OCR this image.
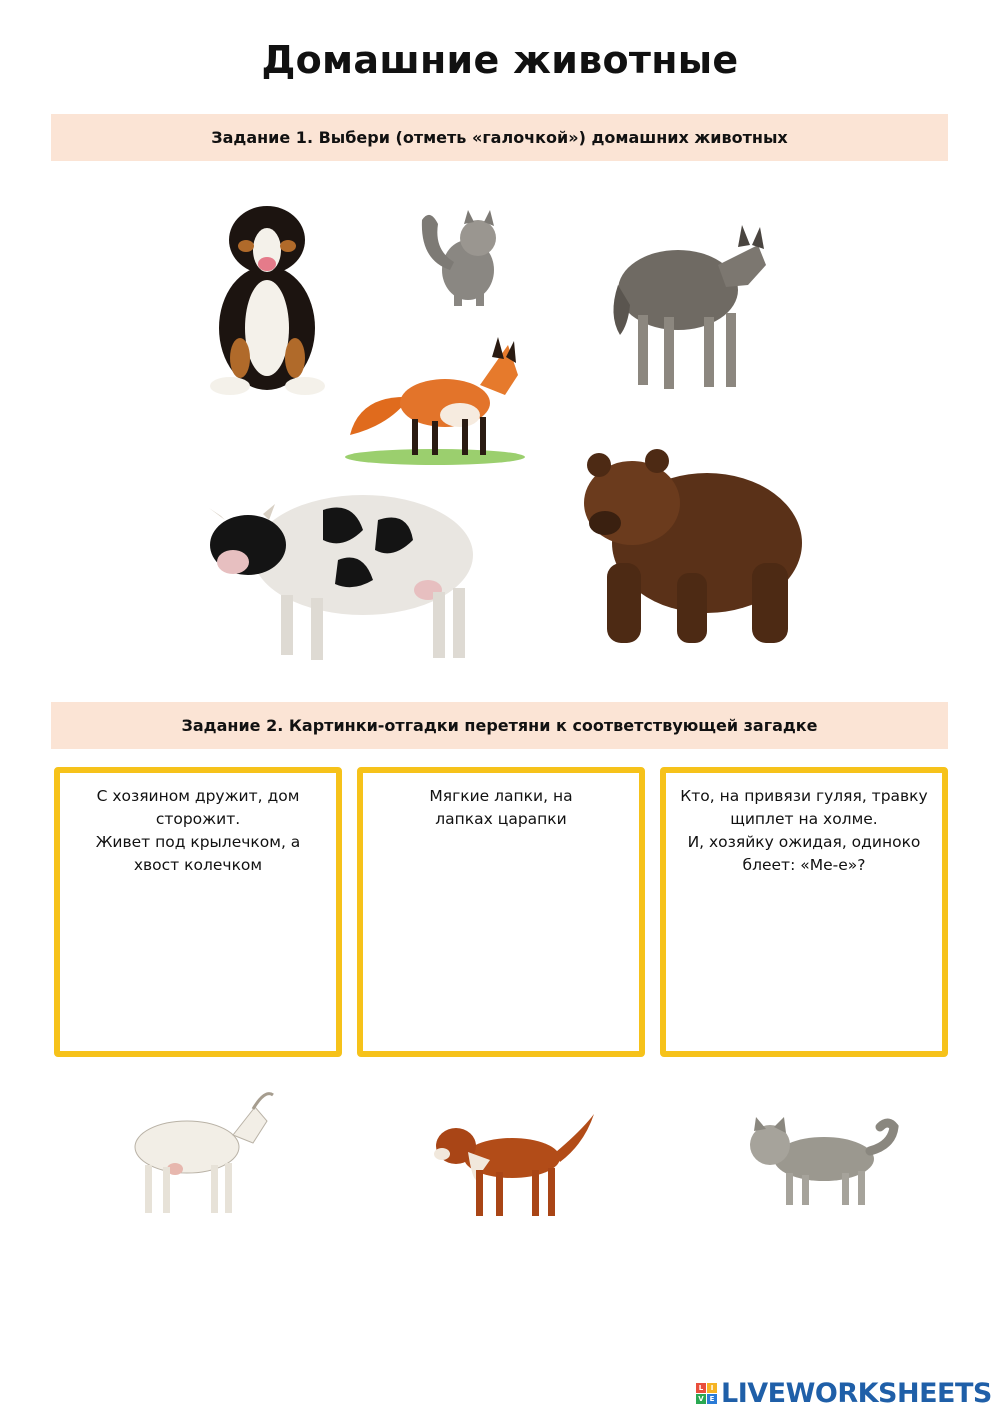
Домашние животные
Задание 1. Выбери (отметь «галочкой») домашних животных
Задание 2. Картинки-отгадки перетяни к соответствующей загадке

С хозяином дружит, дом сторожит.

Живет под крылечком, а хвост колечком

Мягкие лапки, на лапках царапки

Кто, на привязи гуляя, травку щиплет на холме.

И, хозяйку ожидая, одиноко блеет: «Ме-е»?

L	I
V E LIVEWORKSHEETS
